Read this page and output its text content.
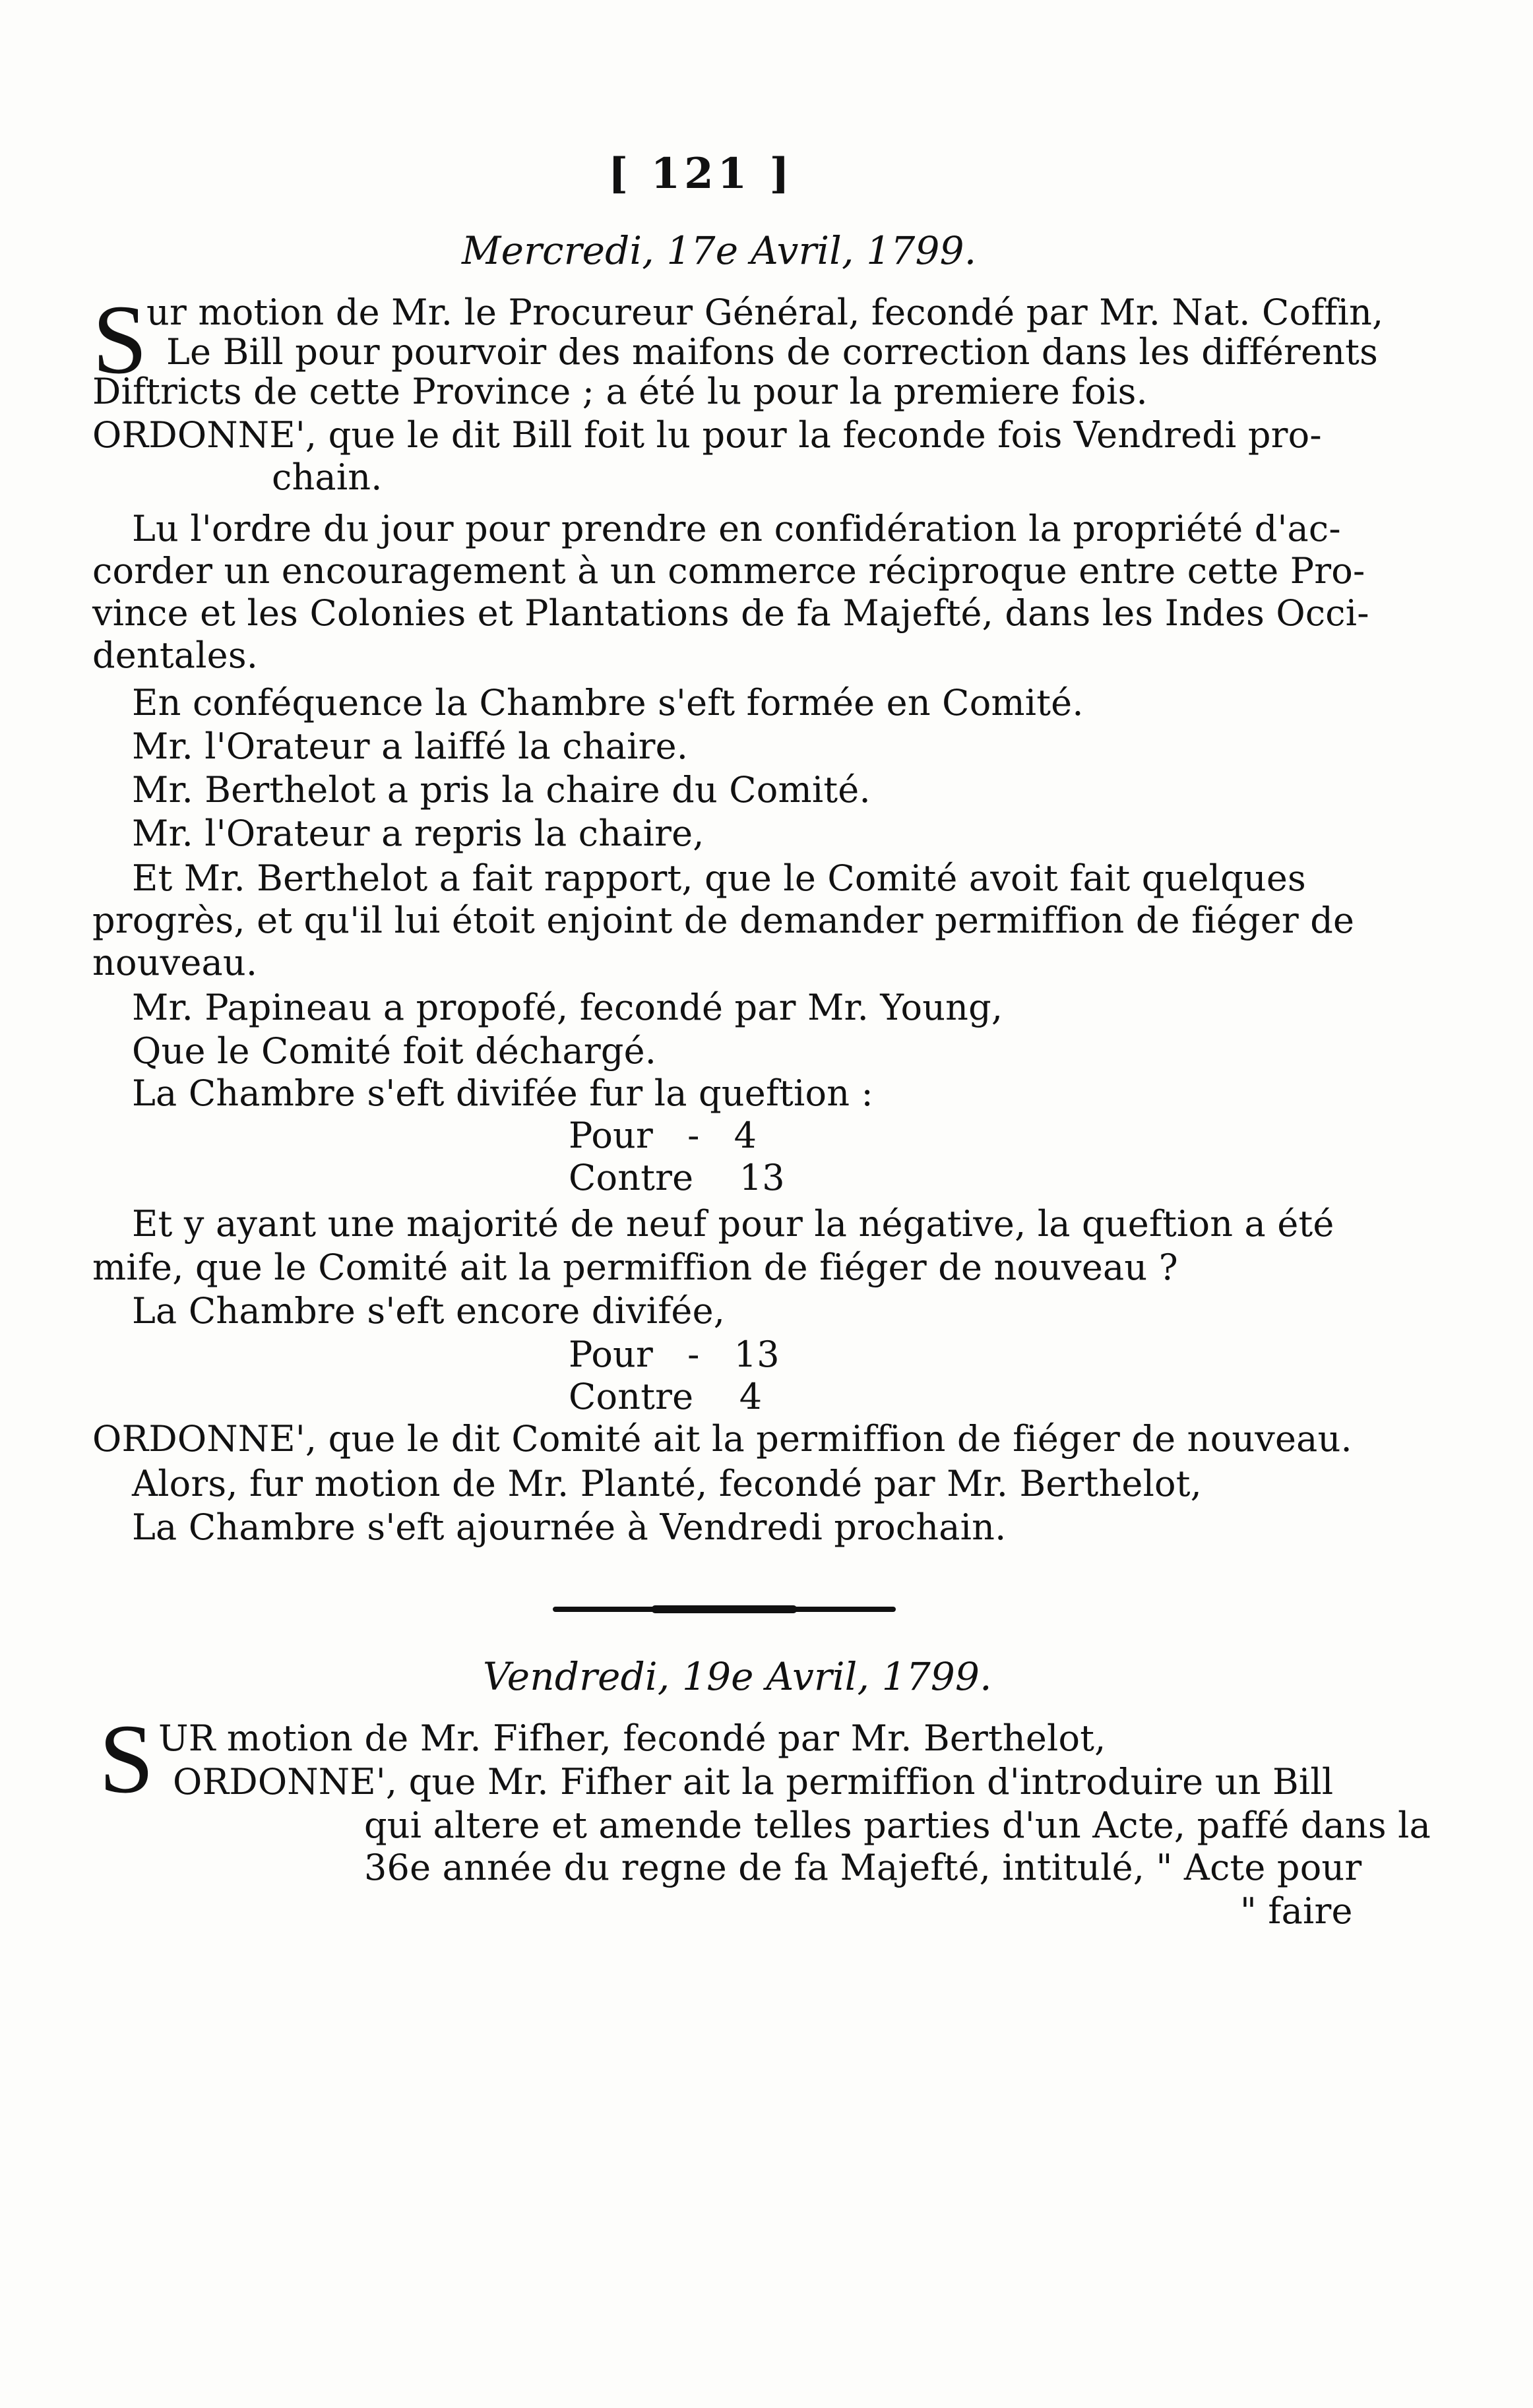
[ 121 ]
Mercredi, 17e Avril, 1799.
S
ur motion de Mr. le Procureur Général, fecondé par Mr. Nat. Coffin,
Le Bill pour pourvoir des maifons de correction dans les différents
Diftricts de cette Province ; a été lu pour la premiere fois.
ORDONNE', que le dit Bill foit lu pour la feconde fois Vendredi pro-
chain.
Lu l'ordre du jour pour prendre en confidération la propriété d'ac-
corder un encouragement à un commerce réciproque entre cette Pro-
vince et les Colonies et Plantations de fa Majefté, dans les Indes Occi-
dentales.
En conféquence la Chambre s'eft formée en Comité.
Mr. l'Orateur a laiffé la chaire.
Mr. Berthelot a pris la chaire du Comité.
Mr. l'Orateur a repris la chaire,
Et Mr. Berthelot a fait rapport, que le Comité avoit fait quelques
progrès, et qu'il lui étoit enjoint de demander permiffion de fiéger de
nouveau.
Mr. Papineau a propofé, fecondé par Mr. Young,
Que le Comité foit déchargé.
La Chambre s'eft divifée fur la queftion :
Pour   -   4
Contre    13
Et y ayant une majorité de neuf pour la négative, la queftion a été
mife, que le Comité ait la permiffion de fiéger de nouveau ?
La Chambre s'eft encore divifée,
Pour   -   13
Contre    4
ORDONNE', que le dit Comité ait la permiffion de fiéger de nouveau.
Alors, fur motion de Mr. Planté, fecondé par Mr. Berthelot,
La Chambre s'eft ajournée à Vendredi prochain.
Vendredi, 19e Avril, 1799.
S UR motion de Mr. Fifher, fecondé par Mr. Berthelot,
ORDONNE', que Mr. Fifher ait la permiffion d'introduire un Bill
qui altere et amende telles parties d'un Acte, paffé dans la
36e année du regne de fa Majefté, intitulé, " Acte pour
" faire
